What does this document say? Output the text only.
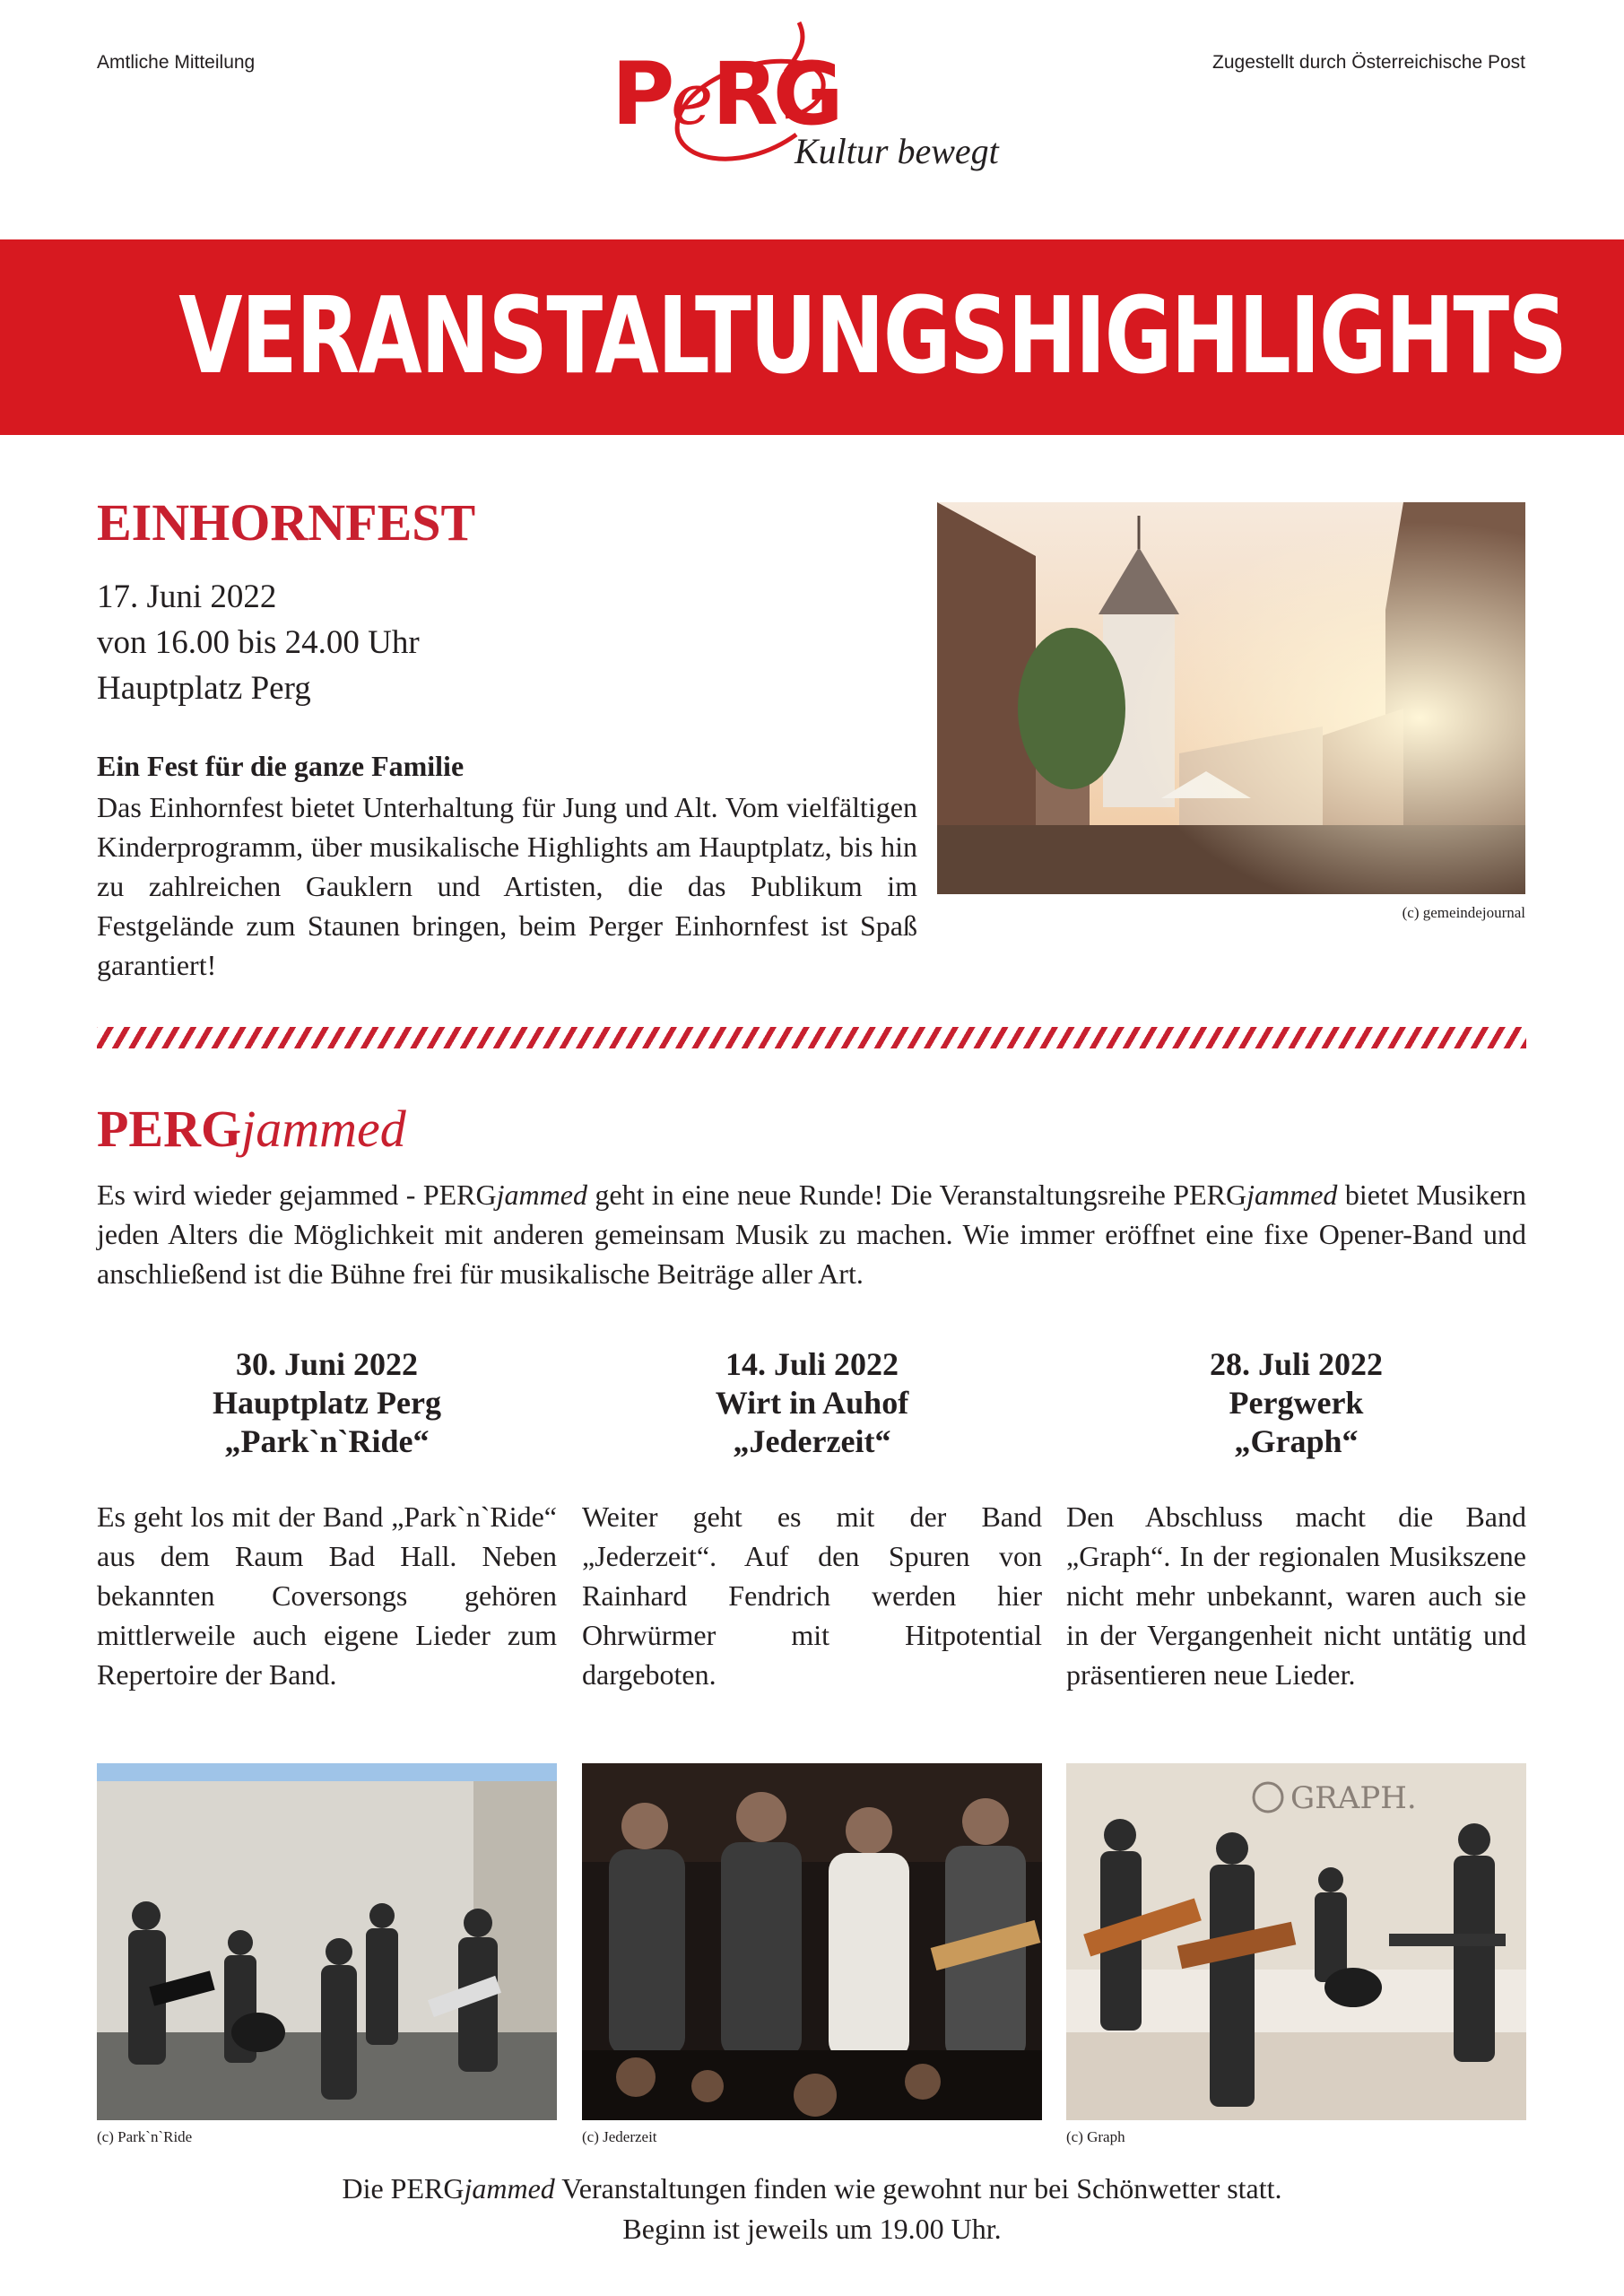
Amtliche Mitteilung	Zugestellt durch Österreichische Post
P e
RG
Kultur bewegt
VERANSTALTUNGSHIGHLIGHTS
EINHORNFEST
17. Juni 2022
von 16.00 bis 24.00 Uhr
Hauptplatz Perg
Ein Fest für die ganze Familie
Das Einhornfest bietet Unterhaltung für Jung und Alt. Vom vielfältigen Kinderprogramm, über musikalische Highlights am Hauptplatz, bis hin zu zahlreichen Gauklern und Artisten, die das Publikum im Festgelände zum Staunen bringen, beim Perger Einhornfest ist Spaß garantiert!
(c) gemeindejournal
PERGjammed
Es wird wieder gejammed - PERGjammed geht in eine neue Runde! Die Veranstaltungsreihe PERGjammed bietet Musikern jeden Alters die Möglichkeit mit anderen gemeinsam Musik zu machen. Wie immer eröffnet eine fixe Opener-Band und anschließend ist die Bühne frei für musikalische Beiträge aller Art.
30. Juni 2022
Hauptplatz Perg
„Park`n`Ride“
Es geht los mit der Band „Park`n`Ride“ aus dem Raum Bad Hall. Neben bekannten Coversongs gehören mittlerweile auch eigene Lieder zum Repertoire der Band.
14. Juli 2022
Wirt in Auhof
„Jederzeit“
Weiter geht es mit der Band „Jederzeit“. Auf den Spuren von Rainhard Fendrich werden hier Ohrwürmer mit Hitpotential dargeboten.
28. Juli 2022
Pergwerk
„Graph“
Den Abschluss macht die Band „Graph“. In der regionalen Musikszene nicht mehr unbekannt, waren auch sie in der Vergangenheit nicht untätig und präsentieren neue Lieder.
GRAPH.
(c) Park`n`Ride	(c) Jederzeit	(c) Graph
Die PERGjammed Veranstaltungen finden wie gewohnt nur bei Schönwetter statt.
Beginn ist jeweils um 19.00 Uhr.
